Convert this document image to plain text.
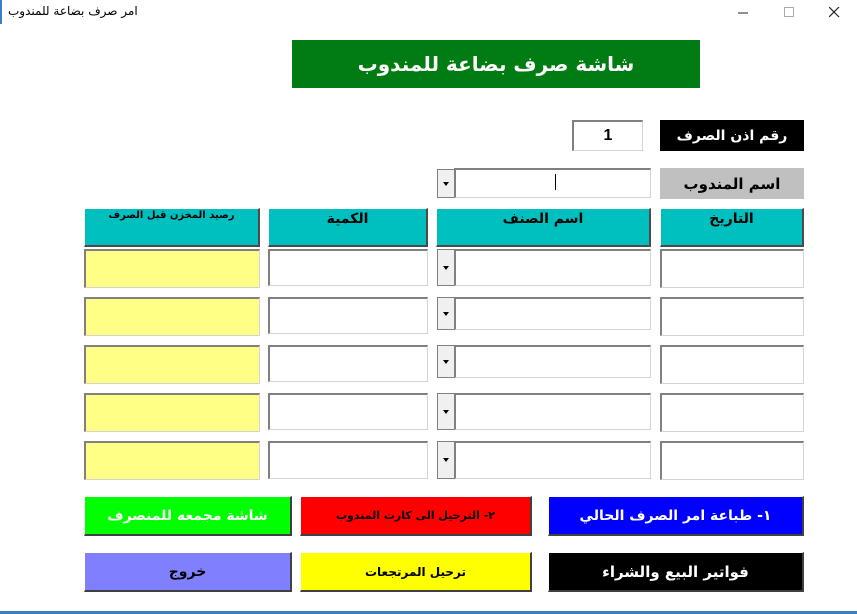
امر صرف بضاعة للمندوب
شاشة صرف بضاعة للمندوب
رقم اذن الصرف
1
اسم المندوب
التاريخ
اسم الصنف
الكمية
رصيد المخزن قبل الصرف
١- طباعة امر الصرف الحالي
٢- الترحيل الى كارت المندوب
شاشة مجمعه للمنصرف
فواتير البيع والشراء
ترحيل المرتجعات
خروج
